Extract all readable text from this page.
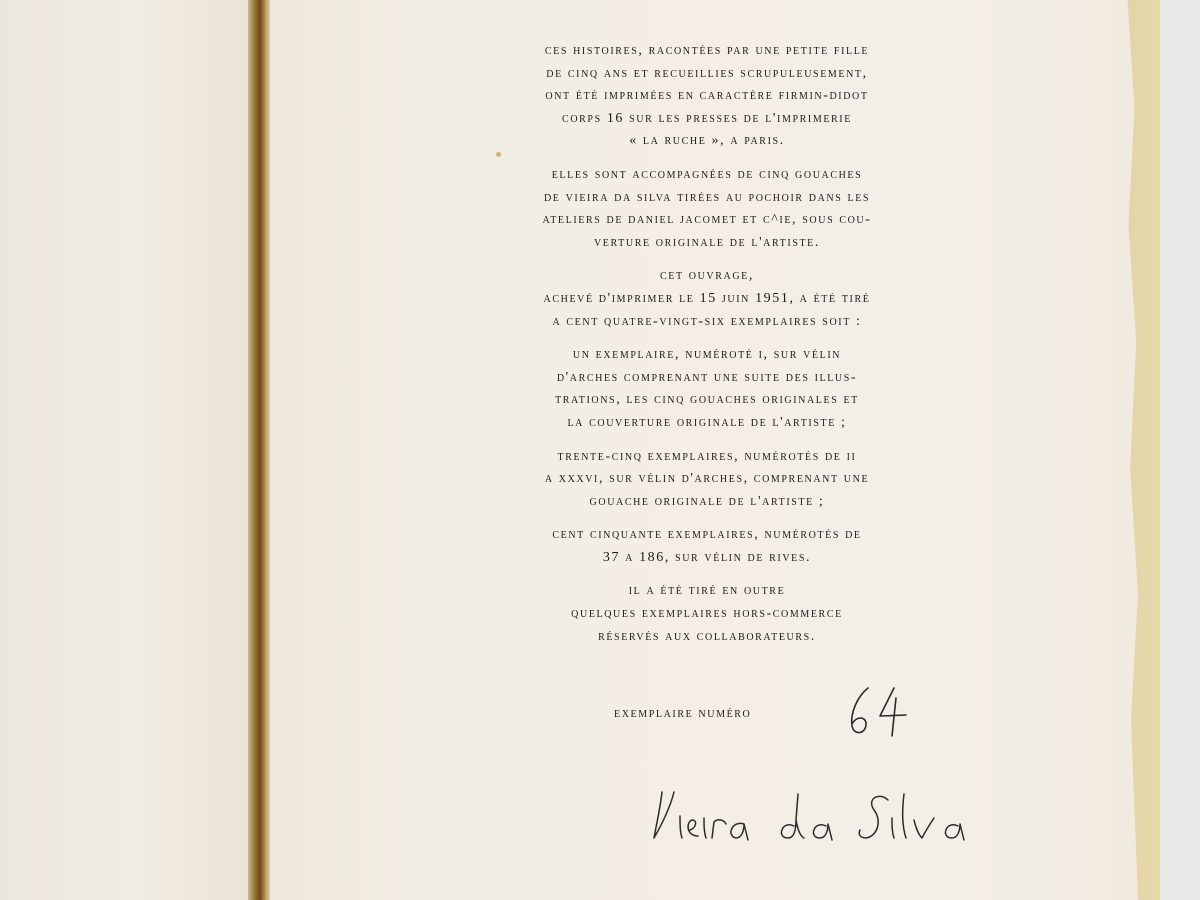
ces histoires, racontées par une petite fille
de cinq ans et recueillies scrupuleusement,
ont été imprimées en caractère firmin-didot
corps 16 sur les presses de l'imprimerie
« la ruche », a paris.
elles sont accompagnées de cinq gouaches
de vieira da silva tirées au pochoir dans les
ateliers de daniel jacomet et c^ie, sous cou-
verture originale de l'artiste.
cet ouvrage,
achevé d'imprimer le 15 juin 1951, a été tiré
a cent quatre-vingt-six exemplaires soit :
un exemplaire, numéroté i, sur vélin
d'arches comprenant une suite des illus-
trations, les cinq gouaches originales et
la couverture originale de l'artiste ;
trente-cinq exemplaires, numérotés de ii
a xxxvi, sur vélin d'arches, comprenant une
gouache originale de l'artiste ;
cent cinquante exemplaires, numérotés de
37 a 186, sur vélin de rives.
il a été tiré en outre
quelques exemplaires hors-commerce
réservés aux collaborateurs.
exemplaire numéro
